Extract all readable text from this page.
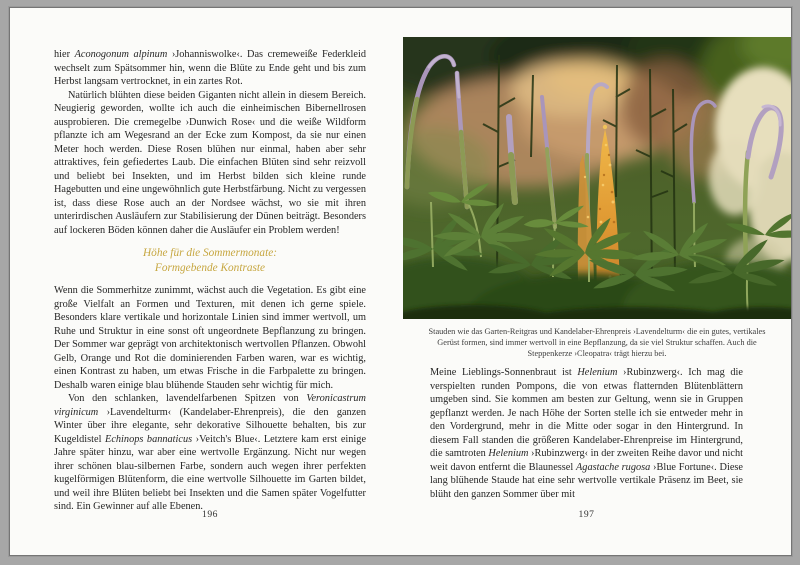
hier Aconogonum alpinum ›Johanniswolke‹. Das cremeweiße Federkleid wechselt zum Spätsommer hin, wenn die Blüte zu Ende geht und bis zum Herbst langsam vertrocknet, in ein zartes Rot.

Natürlich blühten diese beiden Giganten nicht allein in diesem Bereich. Neugierig geworden, wollte ich auch die einheimischen Bibernellrosen ausprobieren. Die cremegelbe ›Dunwich Rose‹ und die weiße Wildform pflanzte ich am Wegesrand an der Ecke zum Kompost, da sie nur einen Meter hoch werden. Diese Rosen blühen nur einmal, haben aber sehr attraktives, fein gefiedertes Laub. Die einfachen Blüten sind sehr reizvoll und beliebt bei Insekten, und im Herbst bilden sich kleine runde Hagebutten und eine ungewöhnlich gute Herbstfärbung. Nicht zu vergessen ist, dass diese Rose auch an der Nordsee wächst, wo sie mit ihren unterirdischen Ausläufern zur Stabilisierung der Dünen beiträgt. Besonders auf lockeren Böden können daher die Ausläufer ein Problem werden!

Höhe für die Sommermonate:
Formgebende Kontraste

Wenn die Sommerhitze zunimmt, wächst auch die Vegetation. Es gibt eine große Vielfalt an Formen und Texturen, mit denen ich gerne spiele. Besonders klare vertikale und horizontale Linien sind immer wertvoll, um Ruhe und Struktur in eine sonst oft ungeordnete Bepflanzung zu bringen. Der Sommer war geprägt von architektonisch wertvollen Pflanzen. Obwohl Gelb, Orange und Rot die dominierenden Farben waren, war es wichtig, einen Kontrast zu haben, um etwas Frische in die Farbpalette zu bringen. Deshalb waren einige blau blühende Stauden sehr wichtig für mich.

Von den schlanken, lavendelfarbenen Spitzen von Veronicastrum virginicum ›Lavendelturm‹ (Kandelaber-Ehrenpreis), die den ganzen Winter über ihre elegante, sehr dekorative Silhouette behalten, bis zur Kugeldistel Echinops bannaticus ›Veitch's Blue‹. Letztere kam erst einige Jahre später hinzu, war aber eine wertvolle Ergänzung. Nicht nur wegen ihrer schönen blau-silbernen Farbe, sondern auch wegen ihrer perfekten kugelförmigen Blütenform, die eine wertvolle Silhouette im Garten bildet, und weil ihre Blüten beliebt bei Insekten und die Samen später Vogelfutter sind. Ein Gewinner auf alle Ebenen.

196
Stauden wie das Garten-Reitgras und Kandelaber-Ehrenpreis ›Lavendelturm‹ die ein gutes, vertikales Gerüst formen, sind immer wertvoll in eine Bepflanzung, da sie viel Struktur schaffen. Auch die Steppenkerze ›Cleopatra‹ trägt hierzu bei.

Meine Lieblings-Sonnenbraut ist Helenium ›Rubinzwerg‹. Ich mag die verspielten runden Pompons, die von etwas flatternden Blütenblättern umgeben sind. Sie kommen am besten zur Geltung, wenn sie in Gruppen gepflanzt werden. Je nach Höhe der Sorten stelle ich sie entweder mehr in den Vordergrund, mehr in die Mitte oder sogar in den Hintergrund. In diesem Fall standen die größeren Kandelaber-Ehrenpreise im Hintergrund, die samtroten Helenium ›Rubinzwerg‹ in der zweiten Reihe davor und nicht weit davon entfernt die Blaunessel Agastache rugosa ›Blue Fortune‹. Diese lang blühende Staude hat eine sehr wertvolle vertikale Präsenz im Beet, sie blüht den ganzen Sommer über mit

197
